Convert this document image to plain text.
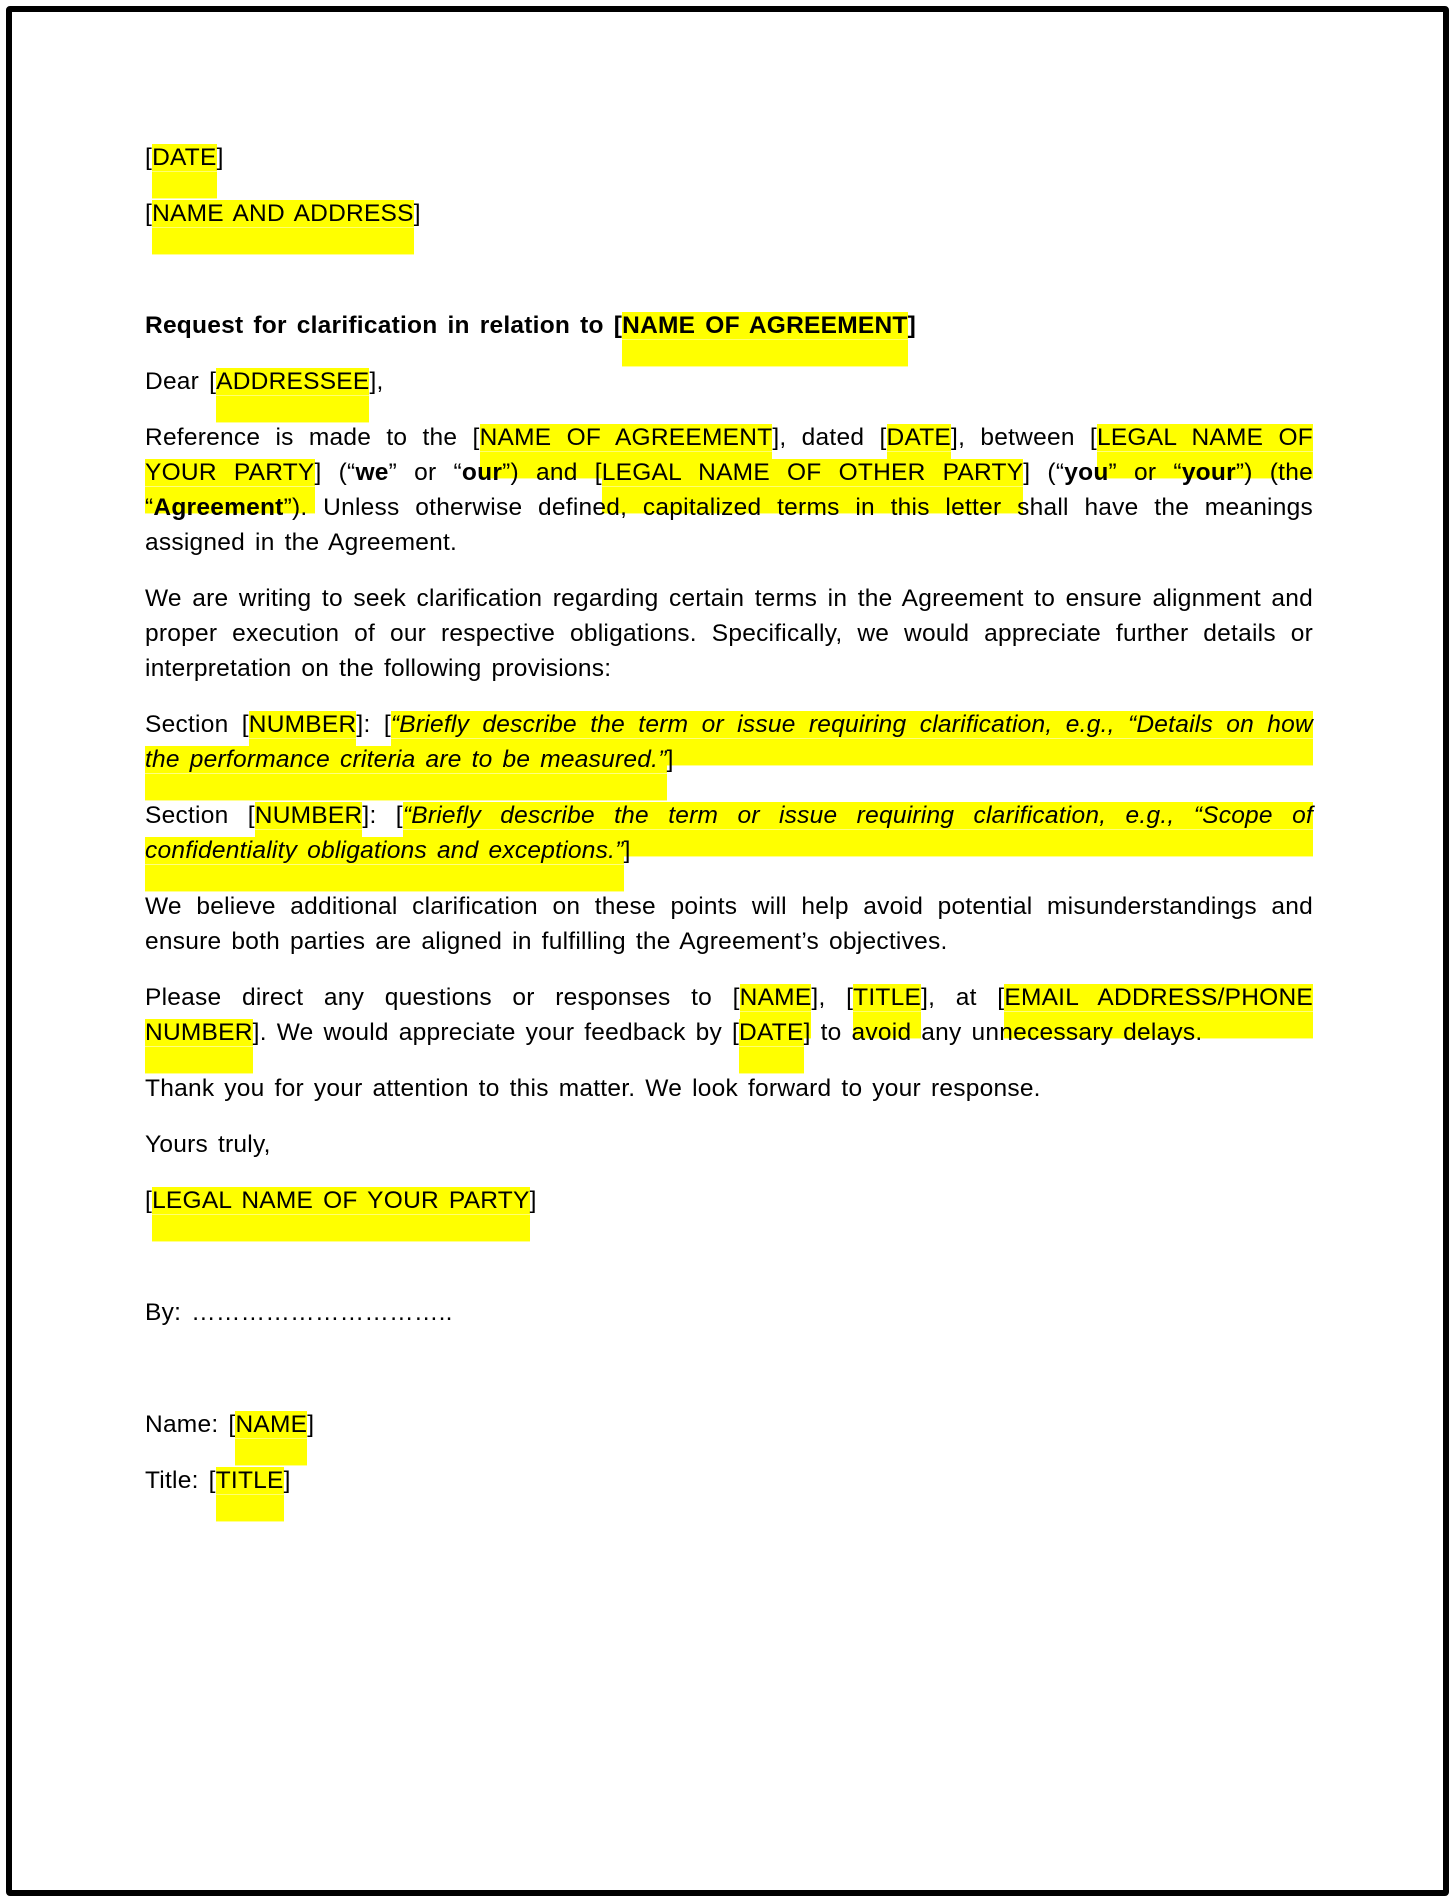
[DATE]

[NAME AND ADDRESS]

Request for clarification in relation to [NAME OF AGREEMENT]

Dear [ADDRESSEE],

Reference is made to the [NAME OF AGREEMENT], dated [DATE], between [LEGAL NAME OF YOUR PARTY] (“we” or “our”) and [LEGAL NAME OF OTHER PARTY] (“you” or “your”) (the “Agreement”). Unless otherwise defined, capitalized terms in this letter shall have the meanings assigned in the Agreement.

We are writing to seek clarification regarding certain terms in the Agreement to ensure alignment and proper execution of our respective obligations. Specifically, we would appreciate further details or interpretation on the following provisions:

Section [NUMBER]: [“Briefly describe the term or issue requiring clarification, e.g., “Details on how the performance criteria are to be measured.”]

Section [NUMBER]: [“Briefly describe the term or issue requiring clarification, e.g., “Scope of confidentiality obligations and exceptions.”]

We believe additional clarification on these points will help avoid potential misunderstandings and ensure both parties are aligned in fulfilling the Agreement’s objectives.

Please direct any questions or responses to [NAME], [TITLE], at [EMAIL ADDRESS/PHONE NUMBER]. We would appreciate your feedback by [DATE] to avoid any unnecessary delays.

Thank you for your attention to this matter. We look forward to your response.

Yours truly,

[LEGAL NAME OF YOUR PARTY]

By: …………………………..

Name: [NAME]

Title: [TITLE]
